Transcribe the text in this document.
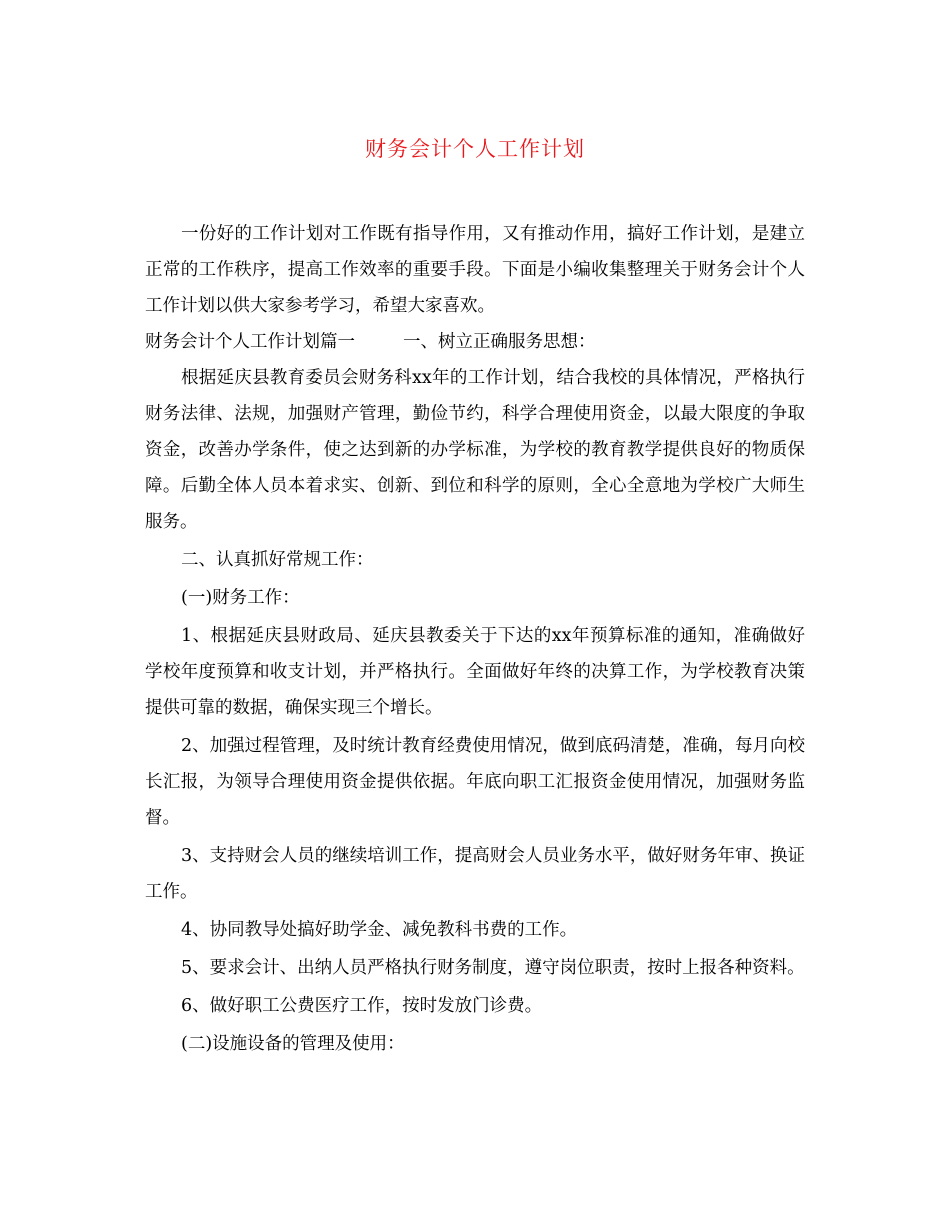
财务会计个人工作计划

一份好的工作计划对工作既有指导作用，又有推动作用，搞好工作计划，是建立正常的工作秩序，提高工作效率的重要手段。下面是小编收集整理关于财务会计个人工作计划以供大家参考学习，希望大家喜欢。

财务会计个人工作计划篇一	一、树立正确服务思想：

根据延庆县教育委员会财务科xx年的工作计划，结合我校的具体情况，严格执行财务法律、法规，加强财产管理，勤俭节约，科学合理使用资金，以最大限度的争取资金，改善办学条件，使之达到新的办学标准，为学校的教育教学提供良好的物质保障。后勤全体人员本着求实、创新、到位和科学的原则，全心全意地为学校广大师生服务。

二、认真抓好常规工作：

(一)财务工作：

1、根据延庆县财政局、延庆县教委关于下达的xx年预算标准的通知，准确做好学校年度预算和收支计划，并严格执行。全面做好年终的决算工作，为学校教育决策提供可靠的数据，确保实现三个增长。

2、加强过程管理，及时统计教育经费使用情况，做到底码清楚，准确，每月向校长汇报，为领导合理使用资金提供依据。年底向职工汇报资金使用情况，加强财务监督。

3、支持财会人员的继续培训工作，提高财会人员业务水平，做好财务年审、换证工作。

4、协同教导处搞好助学金、减免教科书费的工作。

5、要求会计、出纳人员严格执行财务制度，遵守岗位职责，按时上报各种资料。

6、做好职工公费医疗工作，按时发放门诊费。

(二)设施设备的管理及使用：
